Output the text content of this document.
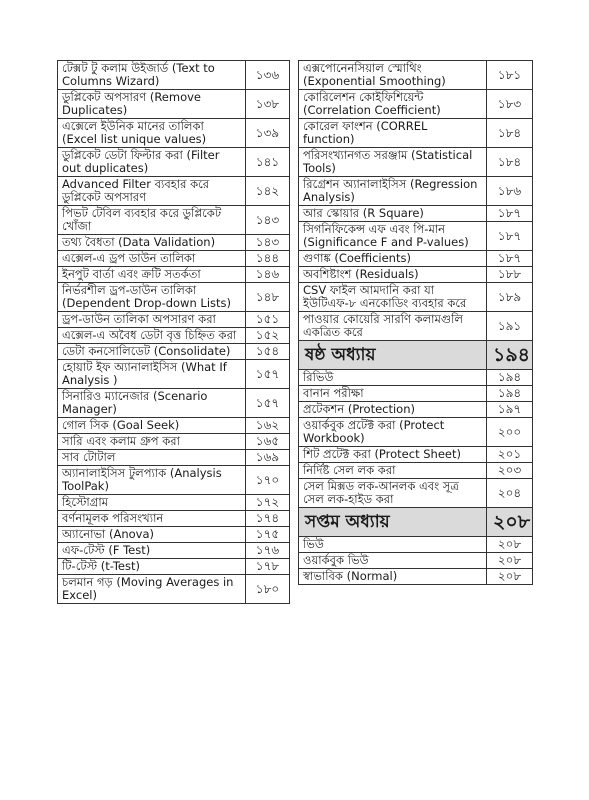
টেক্সট টু কলাম উইজার্ড (Text to Columns Wizard)	১৩৬
ডুপ্লিকেট অপসারণ (Remove Duplicates)	১৩৮
এক্সেলে ইউনিক মানের তালিকা (Excel list unique values)	১৩৯
ডুপ্লিকেট ডেটা ফিল্টার করা (Filter out duplicates)	১৪১
Advanced Filter ব্যবহার করে ডুপ্লিকেট অপসারণ	১৪২
পিভট টেবিল ব্যবহার করে ডুপ্লিকেট খোঁজা	১৪৩
তথ্য বৈধতা (Data Validation)	১৪৩
এক্সেল-এ ড্রপ ডাউন তালিকা	১৪৪
ইনপুট বার্তা এবং ক্রটি সতর্কতা	১৪৬
নির্ভরশীল ড্রপ-ডাউন তালিকা (Dependent Drop-down Lists)	১৪৮
ড্রপ-ডাউন তালিকা অপসারণ করা	১৫১
এক্সেল-এ অবৈধ ডেটা বৃত্ত চিহ্নিত করা	১৫২
ডেটা কনসোলিডেট (Consolidate)	১৫৪
হোয়াট ইফ অ্যানালাইসিস (What If Analysis )	১৫৭
সিনারিও ম্যানেজার (Scenario Manager)	১৫৭
গোল সিক (Goal Seek)	১৬২
সারি এবং কলাম গ্রুপ করা	১৬৫
সাব টোটাল	১৬৯
অ্যানালাইসিস টুলপ্যাক (Analysis ToolPak)	১৭০
হিস্টোগ্রাম	১৭২
বর্ণনামূলক পরিসংখ্যান	১৭৪
অ্যানোভা (Anova)	১৭৫
এফ-টেস্ট (F Test)	১৭৬
টি-টেস্ট (t-Test)	১৭৮
চলমান গড় (Moving Averages in Excel)	১৮০
এক্সপোনেনসিয়াল স্মোথিং (Exponential Smoothing)	১৮১
কোরিলেশন কোইফিশিয়েন্ট (Correlation Coefficient)	১৮৩
কোরেল ফাংশন (CORREL function)	১৮৪
পরিসংখ্যানগত সরঞ্জাম (Statistical Tools)	১৮৪
রিগ্রেশন অ্যানালাইসিস (Regression Analysis)	১৮৬
আর স্কোয়ার (R Square)	১৮৭
সিগনিফিকেন্স এফ এবং পি-মান (Significance F and P-values)	১৮৭
গুণাঙ্ক (Coefficients)	১৮৭
অবশিষ্টাংশ (Residuals)	১৮৮
CSV ফাইল আমদানি করা যা ইউটিএফ-৮ এনকোডিং ব্যবহার করে	১৮৯
পাওয়ার কোয়েরি সারণি কলামগুলি একত্রিত করে	১৯১
ষষ্ঠ অধ্যায়	১৯৪
রিভিউ	১৯৪
বানান পরীক্ষা	১৯৪
প্রটেকশন (Protection)	১৯৭
ওয়ার্কবুক প্রটেক্ট করা (Protect Workbook)	২০০
শিট প্রটেক্ট করা (Protect Sheet)	২০১
নির্দিষ্ট সেল লক করা	২০৩
সেল মিক্সড লক-আনলক এবং সূত্র সেল লক-হাইড করা	২০৪
সপ্তম অধ্যায়	২০৮
ভিউ	২০৮
ওয়ার্কবুক ভিউ	২০৮
স্বাভাবিক (Normal)	২০৮
